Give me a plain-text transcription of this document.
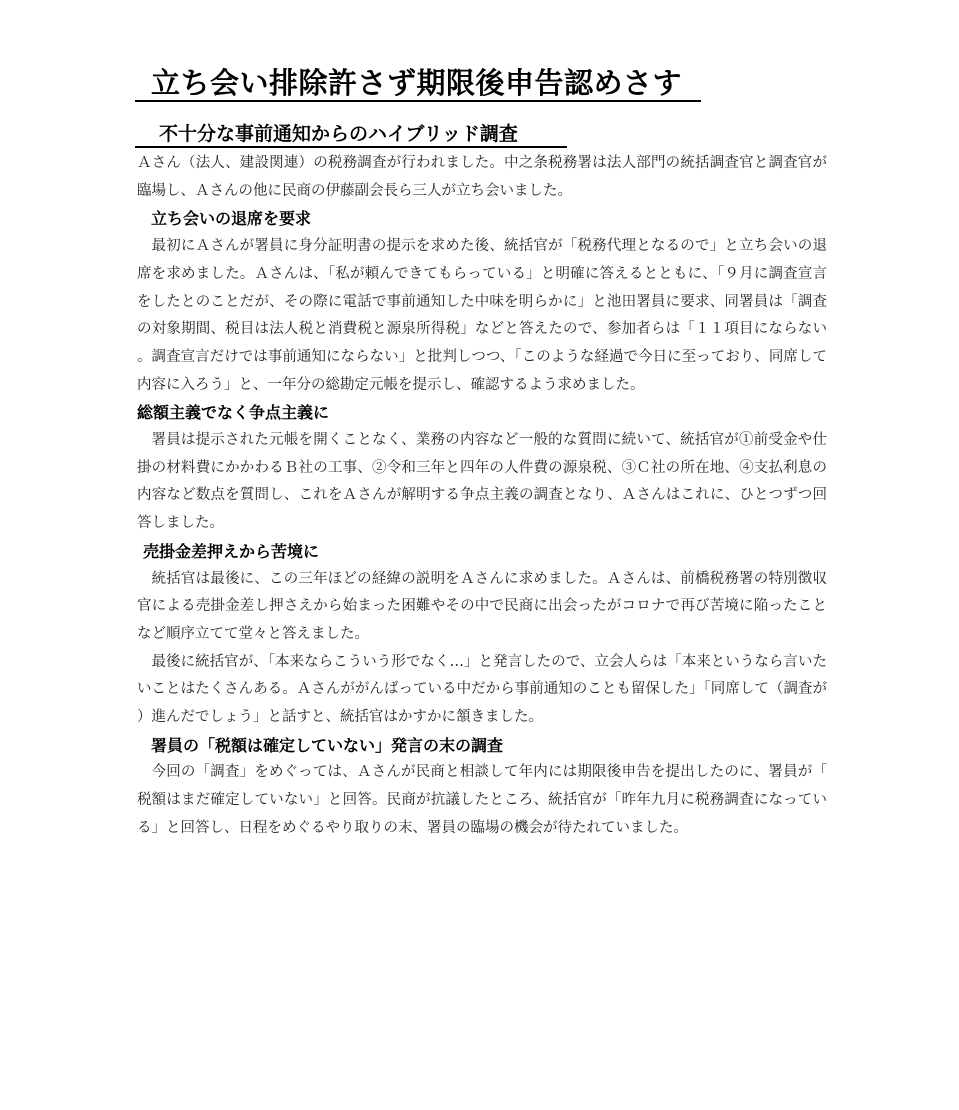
立ち会い排除許さず期限後申告認めさす
不十分な事前通知からのハイブリッド調査

Ａさん（法人、建設関連）の税務調査が行われました。中之条税務署は法人部門の統括調査官と調査官が臨場し、Ａさんの他に民商の伊藤副会長ら三人が立ち会いました。

立ち会いの退席を要求

最初にＡさんが署員に身分証明書の提示を求めた後、統括官が「税務代理となるので」と立ち会いの退席を求めました。Ａさんは、「私が頼んできてもらっている」と明確に答えるとともに、「９月に調査宣言をしたとのことだが、その際に電話で事前通知した中味を明らかに」と池田署員に要求、同署員は「調査の対象期間、税目は法人税と消費税と源泉所得税」などと答えたので、参加者らは「１１項目にならない。調査宣言だけでは事前通知にならない」と批判しつつ、「このような経過で今日に至っており、同席して内容に入ろう」と、一年分の総勘定元帳を提示し、確認するよう求めました。

総額主義でなく争点主義に

署員は提示された元帳を開くことなく、業務の内容など一般的な質問に続いて、統括官が①前受金や仕掛の材料費にかかわるＢ社の工事、②令和三年と四年の人件費の源泉税、③Ｃ社の所在地、④支払利息の内容など数点を質問し、これをＡさんが解明する争点主義の調査となり、Ａさんはこれに、ひとつずつ回答しました。

売掛金差押えから苦境に

統括官は最後に、この三年ほどの経緯の説明をＡさんに求めました。Ａさんは、前橋税務署の特別徴収官による売掛金差し押さえから始まった困難やその中で民商に出会ったがコロナで再び苦境に陥ったことなど順序立てて堂々と答えました。

最後に統括官が、「本来ならこういう形でなく…」と発言したので、立会人らは「本来というなら言いたいことはたくさんある。Ａさんががんばっている中だから事前通知のことも留保した」「同席して（調査が）進んだでしょう」と話すと、統括官はかすかに頷きました。

署員の「税額は確定していない」発言の末の調査

今回の「調査」をめぐっては、Ａさんが民商と相談して年内には期限後申告を提出したのに、署員が「税額はまだ確定していない」と回答。民商が抗議したところ、統括官が「昨年九月に税務調査になっている」と回答し、日程をめぐるやり取りの末、署員の臨場の機会が待たれていました。
